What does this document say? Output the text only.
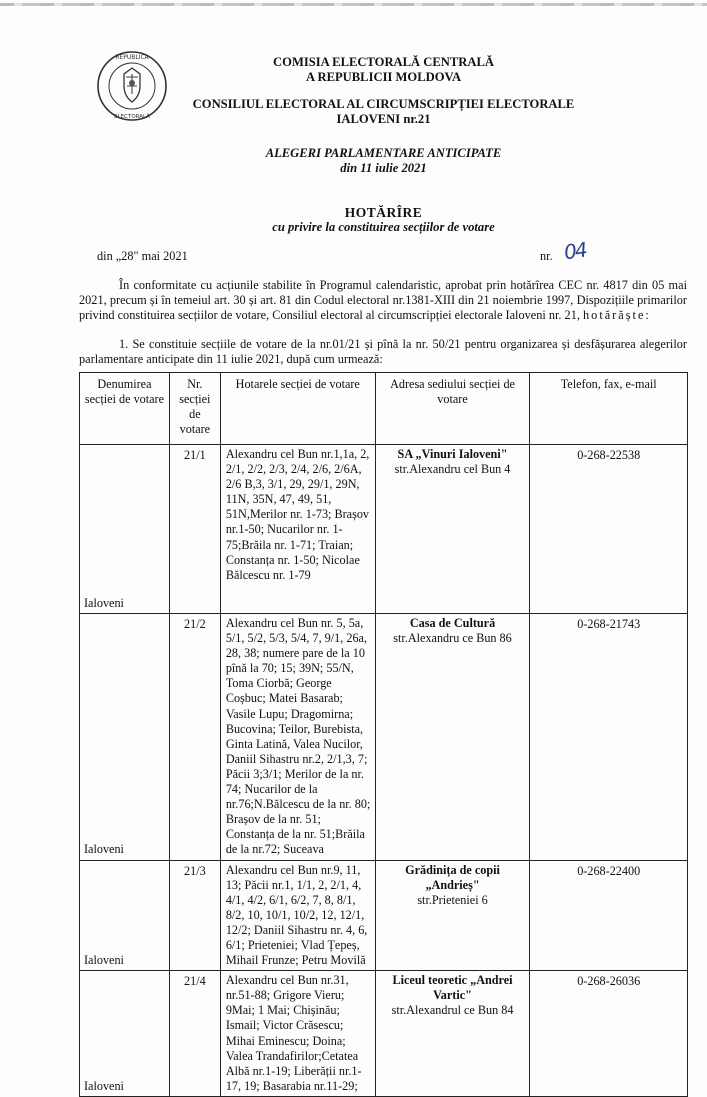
REPUBLICA
ELECTORALĂ
COMISIA ELECTORALĂ CENTRALĂ
A REPUBLICII MOLDOVA
CONSILIUL ELECTORAL AL CIRCUMSCRIPȚIEI ELECTORALE
IALOVENI nr.21
ALEGERI PARLAMENTARE ANTICIPATE
din 11 iulie 2021
HOTĂRÎRE
cu privire la constituirea secțiilor de votare
din „28" mai 2021	nr. 04
În conformitate cu acțiunile stabilite în Programul calendaristic, aprobat prin hotărîrea CEC nr. 4817 din 05 mai 2021, precum și în temeiul art. 30 și art. 81 din Codul electoral nr.1381-XIII din 21 noiembrie 1997, Dispozițiile primarilor privind constituirea secțiilor de votare, Consiliul electoral al circumscripției electorale Ialoveni nr. 21, hotărăște:
1. Se constituie secțiile de votare de la nr.01/21 și pînă la nr. 50/21 pentru organizarea și desfășurarea alegerilor parlamentare anticipate din 11 iulie 2021, după cum urmează:
Denumirea secției de votare	Nr. secției de votare	Hotarele secției de votare	Adresa sediului secției de votare	Telefon, fax, e-mail
Ialoveni	21/1	Alexandru cel Bun nr.1,1a, 2, 2/1, 2/2, 2/3, 2/4, 2/6, 2/6A, 2/6 B,3, 3/1, 29, 29/1, 29N, 11N, 35N, 47, 49, 51, 51N,Merilor nr. 1-73; Brașov nr.1-50; Nucarilor nr. 1-75;Brăila nr. 1-71; Traian; Constanța nr. 1-50; Nicolae Bălcescu nr. 1-79	SA „Vinuri Ialoveni"
str.Alexandru cel Bun 4	0-268-22538
Ialoveni	21/2	Alexandru cel Bun nr. 5, 5a, 5/1, 5/2, 5/3, 5/4, 7, 9/1, 26a, 28, 38; numere pare de la 10 pînă la 70; 15; 39N; 55/N, Toma Ciorbă; George Coșbuc; Matei Basarab; Vasile Lupu; Dragomirna; Bucovina; Teilor, Burebista, Ginta Latină, Valea Nucilor, Daniil Sihastru nr.2, 2/1,3, 7; Păcii 3;3/1; Merilor de la nr. 74; Nucarilor de la nr.76;N.Bălcescu de la nr. 80; Brașov de la nr. 51; Constanța de la nr. 51;Brăila de la nr.72; Suceava	Casa de Cultură
str.Alexandru ce Bun 86	0-268-21743
Ialoveni	21/3	Alexandru cel Bun nr.9, 11, 13; Păcii nr.1, 1/1, 2, 2/1, 4, 4/1, 4/2, 6/1, 6/2, 7, 8, 8/1, 8/2, 10, 10/1, 10/2, 12, 12/1, 12/2; Daniil Sihastru nr. 4, 6, 6/1; Prieteniei; Vlad Țepeș, Mihail Frunze; Petru Movilă	Grădinița de copii „Andrieș"
str.Prieteniei 6	0-268-22400
Ialoveni	21/4	Alexandru cel Bun nr.31, nr.51-88; Grigore Vieru; 9Mai; 1 Mai; Chișinău; Ismail; Victor Crăsescu; Mihai Eminescu; Doina; Valea Trandafirilor;Cetatea Albă nr.1-19; Liberății nr.1-17, 19; Basarabia nr.11-29;	Liceul teoretic „Andrei Vartic"
str.Alexandrul ce Bun 84	0-268-26036
